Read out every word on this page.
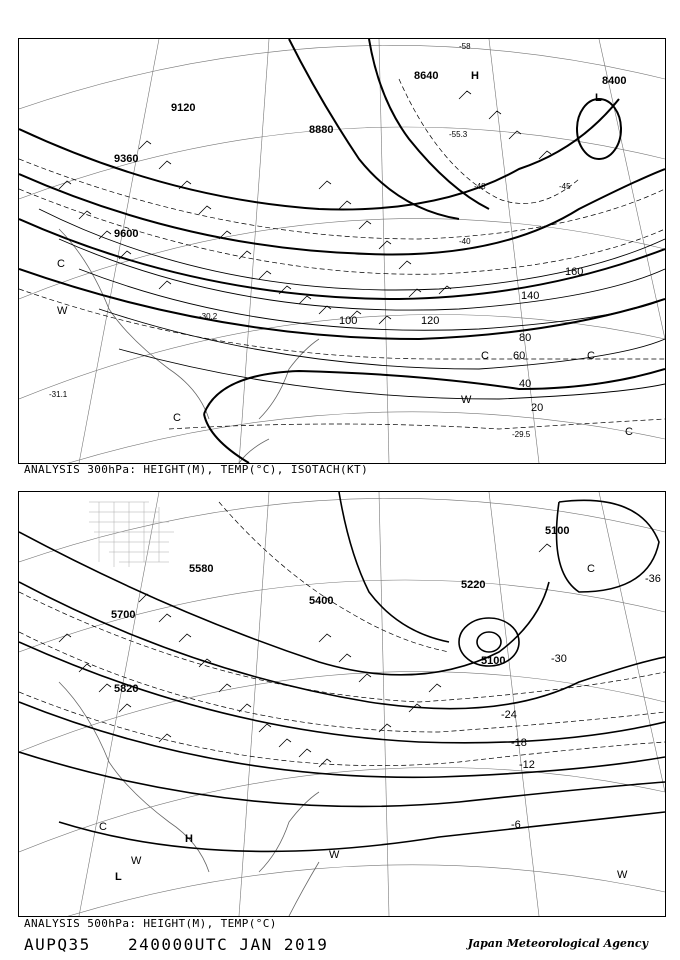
9120
9360
9600
8880
8640	8400
20
40
60
80
100	120
140
160
-58
-55.3
-48	-45
-40
-31.1
-29.5
-30.2
H
L
C
C
C	C
C
W
W
ANALYSIS 300hPa: HEIGHT(M), TEMP(°C), ISOTACH(KT)
5580
5700
5820
5400
5220
5100
5100
-30
-24
-18
-12
-6
-36
H
L
C
C
W	W
W
ANALYSIS 500hPa: HEIGHT(M), TEMP(°C)
AUPQ35 240000UTC JAN 2019	Japan Meteorological Agency
